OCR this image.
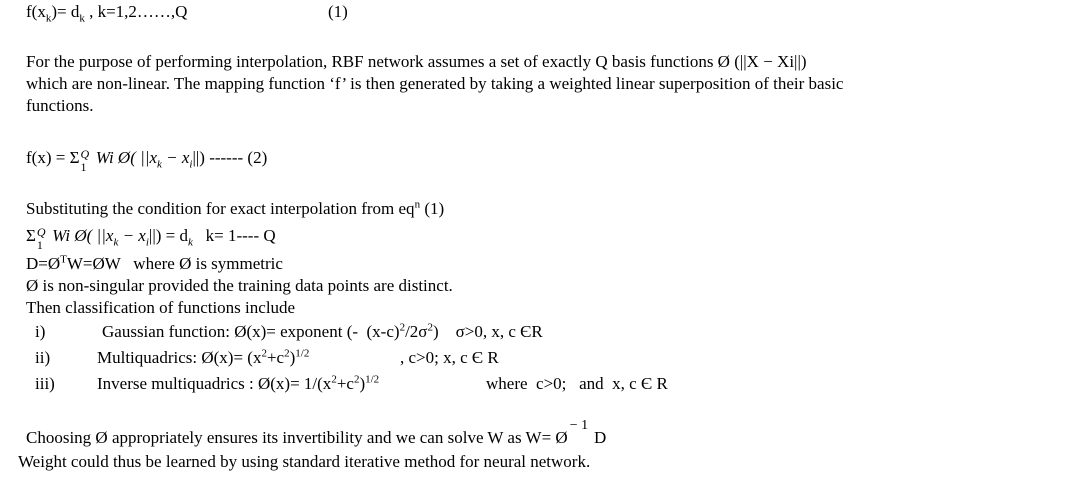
$f(x_k)= d_k$ , k=1,2……,Q	(1)
For the purpose of performing interpolation, RBF network assumes a set of exactly Q basis functions Ø (||X − Xi||)
which are non-linear. The mapping function ‘f’ is then generated by taking a weighted linear superposition of their basic
functions.
f(x) = Σ Q
1 Wi Ø( $||x_k - x_i||$) ------ (2)
Substituting the condition for exact interpolation from $eq^n$ (1)
Σ Q
1 Wi Ø( $||x_k - x_i||) = d_k$   k= 1---- Q
$D=Ø^TW=ØW$   where Ø is symmetric
Ø is non-singular provided the training data points are distinct.
Then classification of functions include
i)	Gaussian function: Ø(x)= exponent (-  $(x-c)^2/2\sigma^2$)    σ>0, x, c ЄR
ii)	Multiquadrics: Ø(x)= $(x^2+c^2)^{1/2}$	, c>0; x, c Є R
iii) Inverse multiquadrics : Ø(x)= $1/(x^2+c^2)^{1/2}$	where  c>0;   and  x, c Є R
Choosing Ø appropriately ensures its invertibility and we can solve W as W= Ø
− 1
D
Weight could thus be learned by using standard iterative method for neural network.
